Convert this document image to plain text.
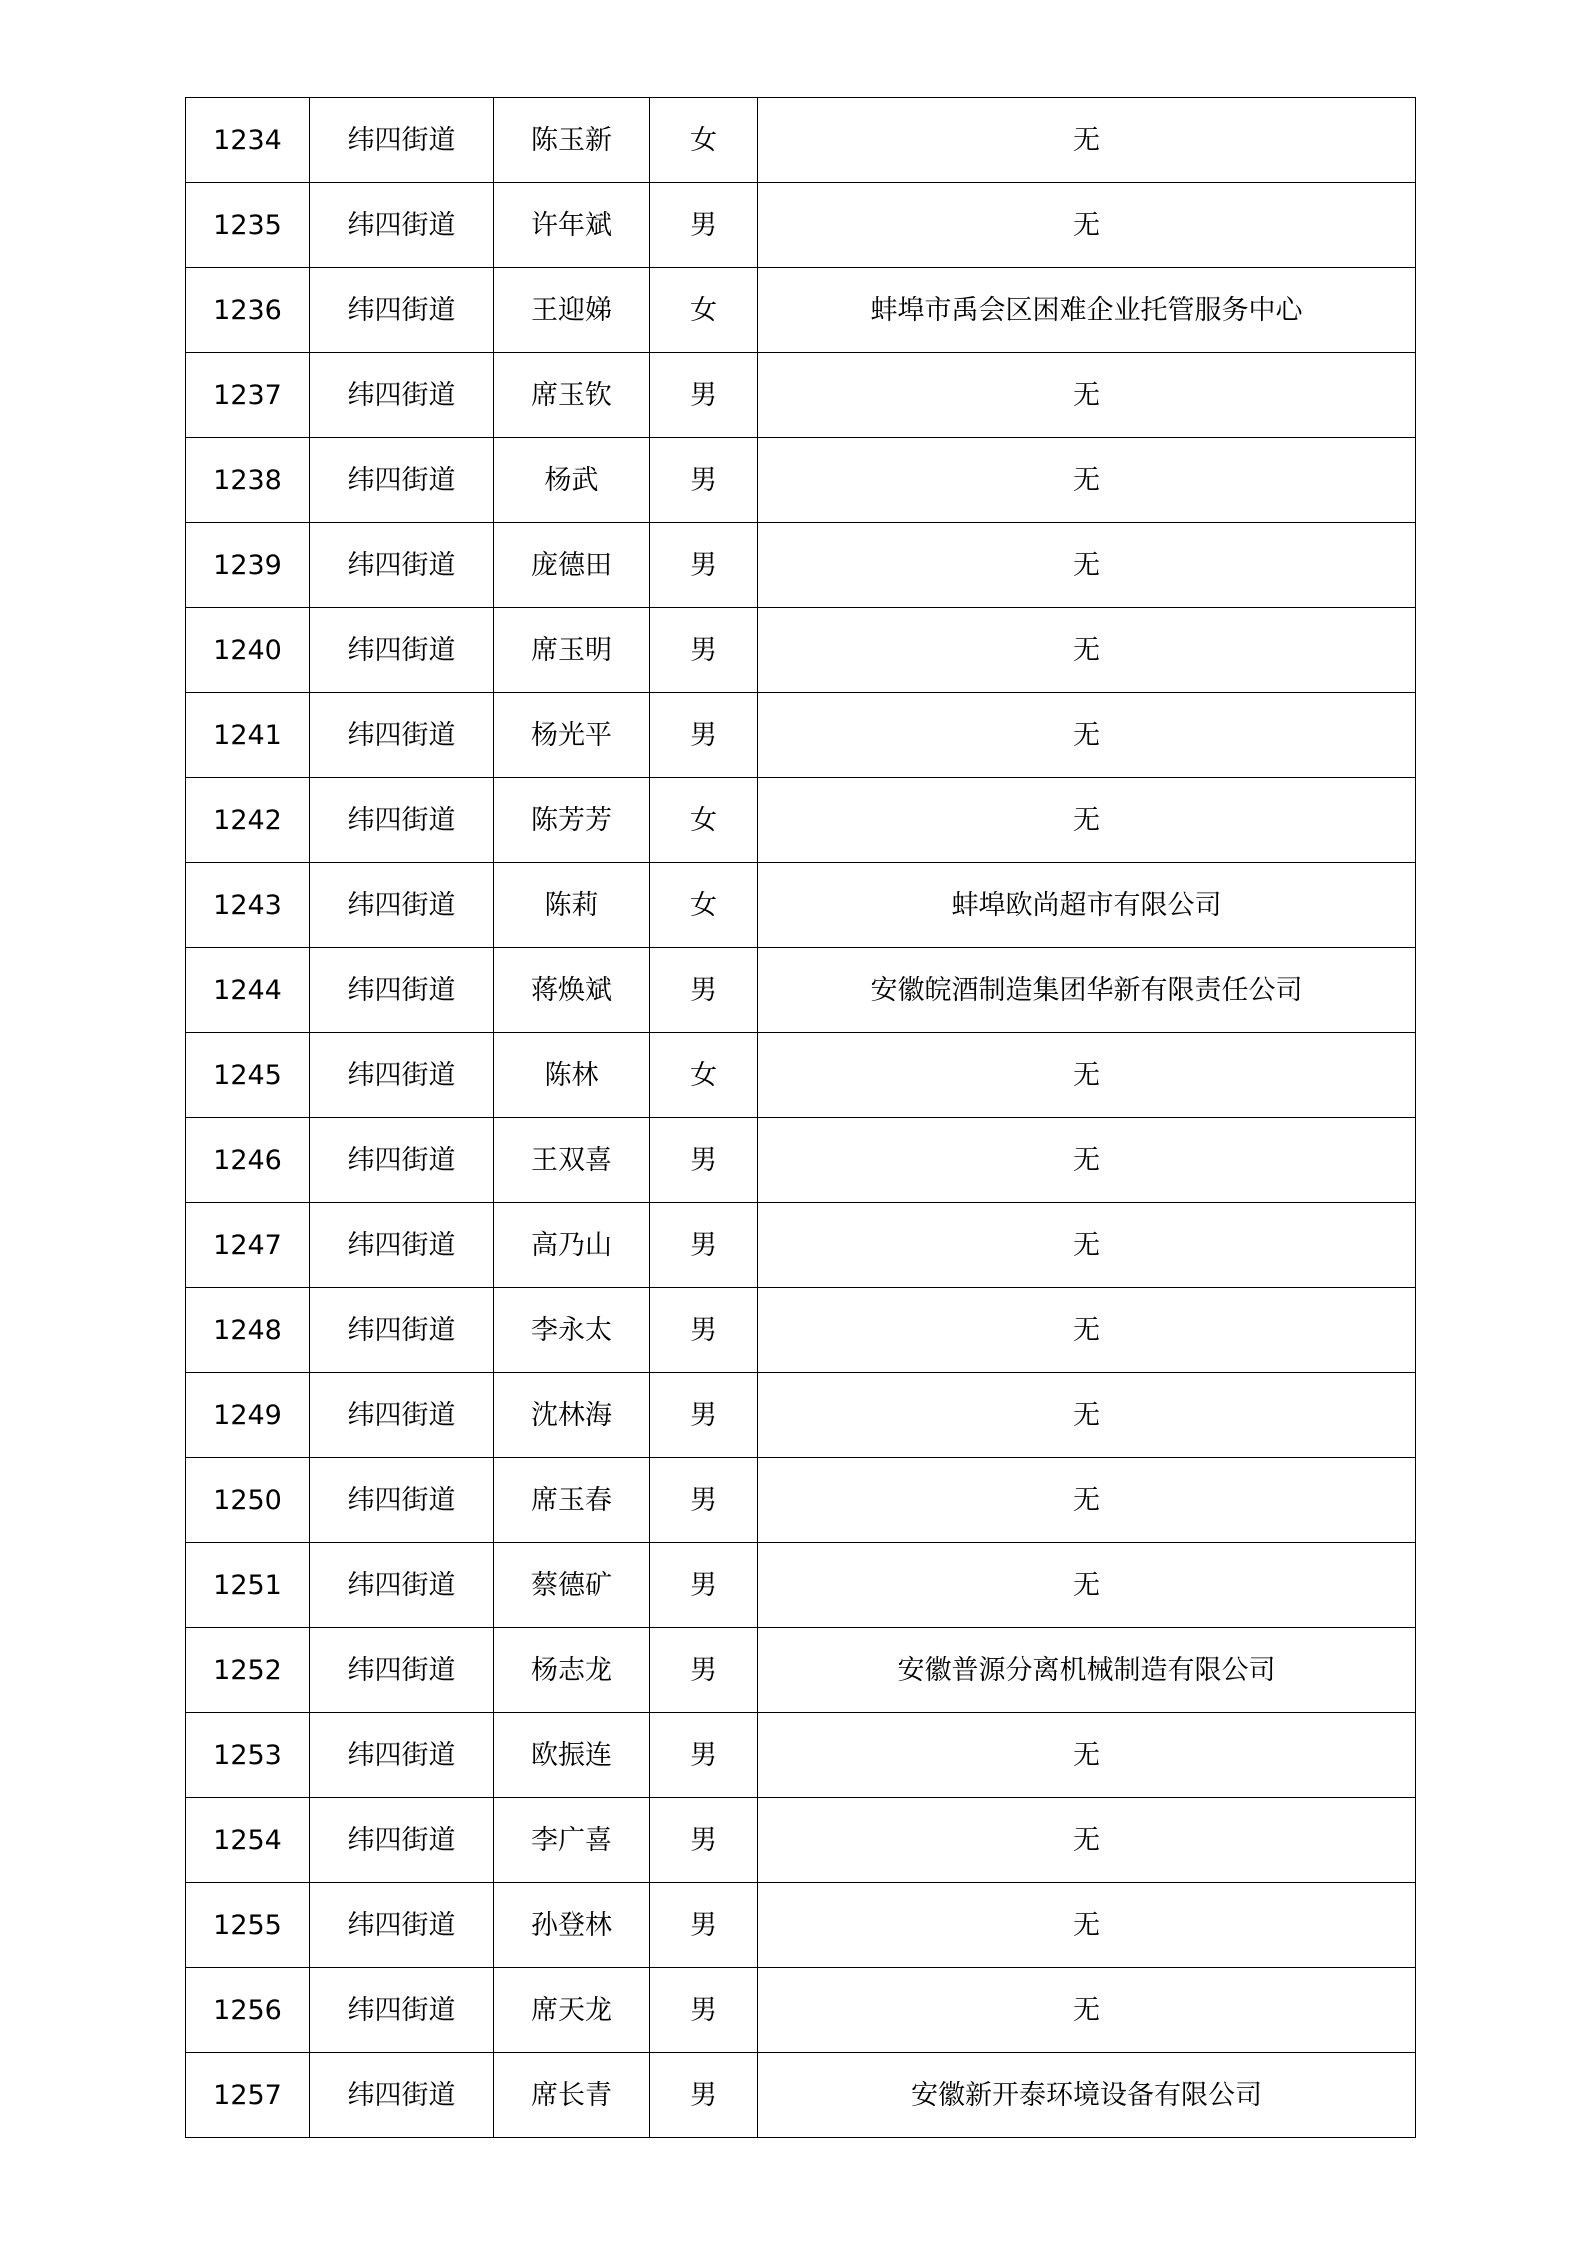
1234	纬四街道	陈玉新	女	无
1235	纬四街道	许年斌	男	无
1236	纬四街道	王迎娣	女	蚌埠市禹会区困难企业托管服务中心
1237	纬四街道	席玉钦	男	无
1238	纬四街道	杨武	男	无
1239	纬四街道	庞德田	男	无
1240	纬四街道	席玉明	男	无
1241	纬四街道	杨光平	男	无
1242	纬四街道	陈芳芳	女	无
1243	纬四街道	陈莉	女	蚌埠欧尚超市有限公司
1244	纬四街道	蒋焕斌	男	安徽皖酒制造集团华新有限责任公司
1245	纬四街道	陈林	女	无
1246	纬四街道	王双喜	男	无
1247	纬四街道	高乃山	男	无
1248	纬四街道	李永太	男	无
1249	纬四街道	沈林海	男	无
1250	纬四街道	席玉春	男	无
1251	纬四街道	蔡德矿	男	无
1252	纬四街道	杨志龙	男	安徽普源分离机械制造有限公司
1253	纬四街道	欧振连	男	无
1254	纬四街道	李广喜	男	无
1255	纬四街道	孙登林	男	无
1256	纬四街道	席天龙	男	无
1257	纬四街道	席长青	男	安徽新开泰环境设备有限公司
